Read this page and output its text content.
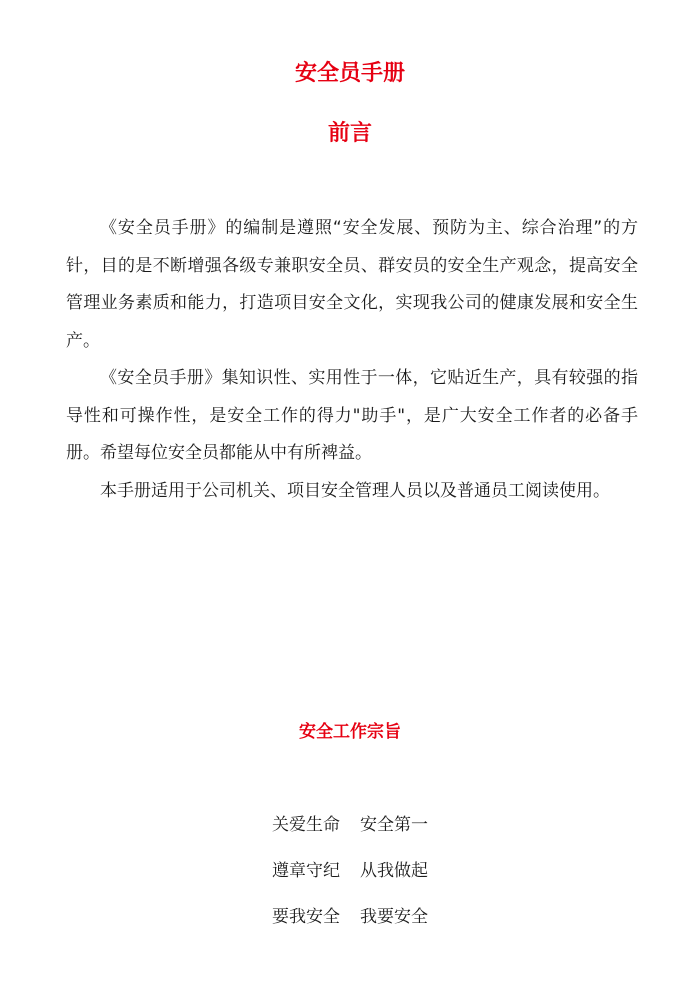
安全员手册
前言

《安全员手册》的编制是遵照“安全发展、预防为主、综合治理”的方针，目的是不断增强各级专兼职安全员、群安员的安全生产观念，提高安全管理业务素质和能力，打造项目安全文化，实现我公司的健康发展和安全生产。

《安全员手册》集知识性、实用性于一体，它贴近生产，具有较强的指导性和可操作性，是安全工作的得力"助手"，是广大安全工作者的必备手册。希望每位安全员都能从中有所裨益。

本手册适用于公司机关、项目安全管理人员以及普通员工阅读使用。

安全工作宗旨
关爱生命 安全第一
遵章守纪 从我做起
要我安全 我要安全
